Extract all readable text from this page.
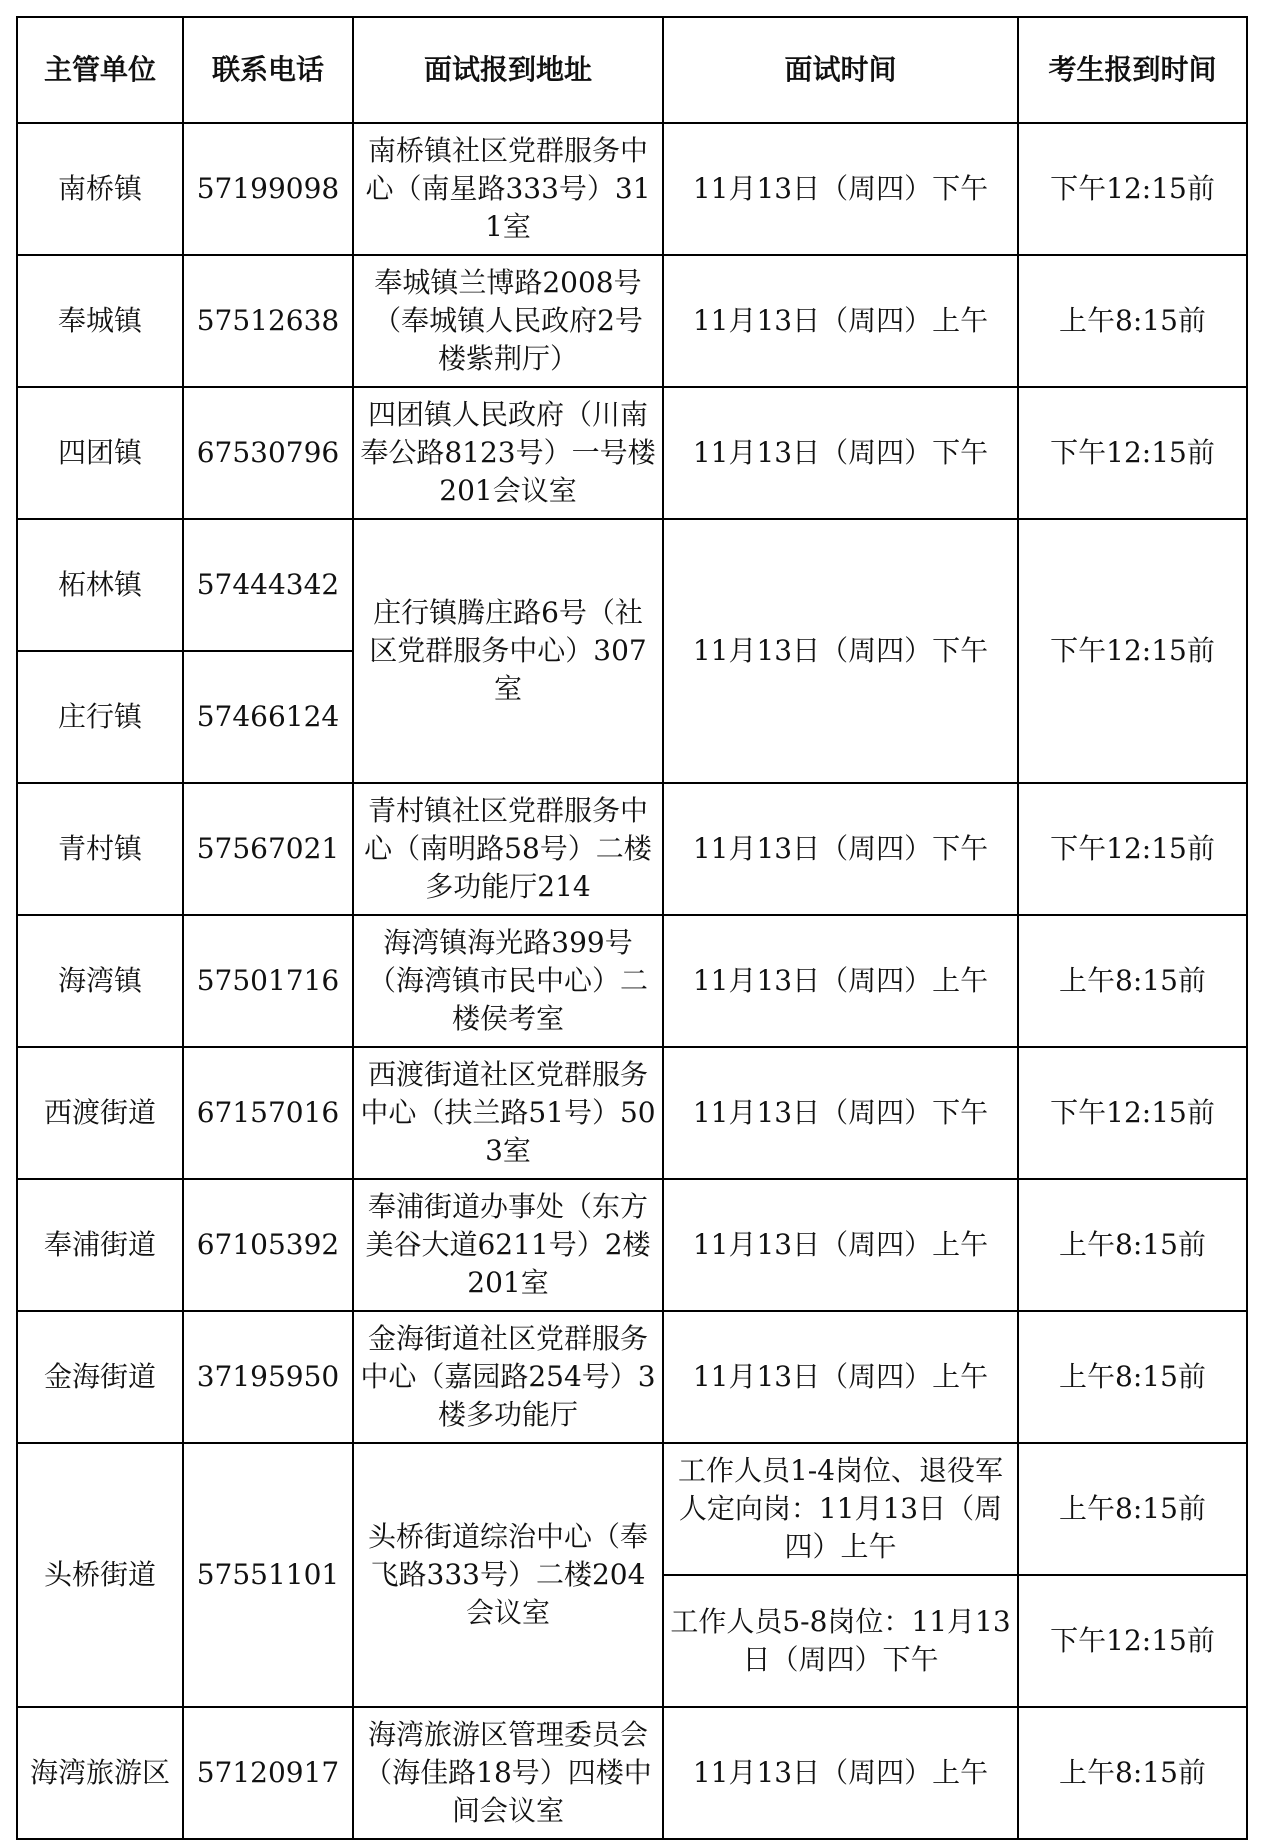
主管单位	联系电话	面试报到地址	面试时间	考生报到时间
南桥镇	57199098	南桥镇社区党群服务中心（南星路333号）311室	11月13日（周四）下午	下午12:15前
奉城镇	57512638	奉城镇兰博路2008号（奉城镇人民政府2号楼紫荆厅）	11月13日（周四）上午	上午8:15前
四团镇	67530796	四团镇人民政府（川南奉公路8123号）一号楼201会议室	11月13日（周四）下午	下午12:15前
柘林镇	57444342	庄行镇腾庄路6号（社区党群服务中心）307室	11月13日（周四）下午	下午12:15前
庄行镇	57466124			
青村镇	57567021	青村镇社区党群服务中心（南明路58号）二楼多功能厅214	11月13日（周四）下午	下午12:15前
海湾镇	57501716	海湾镇海光路399号（海湾镇市民中心）二楼侯考室	11月13日（周四）上午	上午8:15前
西渡街道	67157016	西渡街道社区党群服务中心（扶兰路51号）503室	11月13日（周四）下午	下午12:15前
奉浦街道	67105392	奉浦街道办事处（东方美谷大道6211号）2楼201室	11月13日（周四）上午	上午8:15前
金海街道	37195950	金海街道社区党群服务中心（嘉园路254号）3楼多功能厅	11月13日（周四）上午	上午8:15前
头桥街道	57551101	头桥街道综治中心（奉飞路333号）二楼204会议室	工作人员1-4岗位、退役军人定向岗：11月13日（周四）上午	上午8:15前
			工作人员5-8岗位：11月13日（周四）下午	下午12:15前
海湾旅游区	57120917	海湾旅游区管理委员会（海佳路18号）四楼中间会议室	11月13日（周四）上午	上午8:15前
